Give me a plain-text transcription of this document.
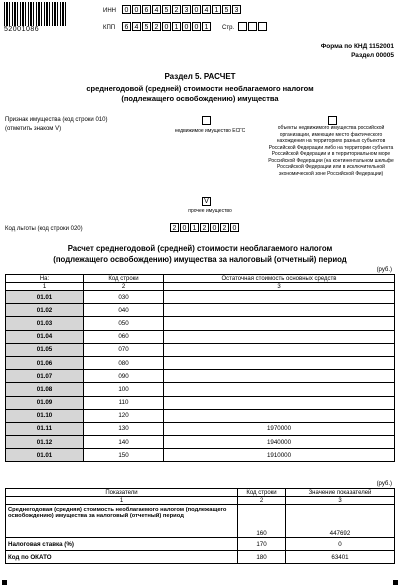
52001086
ИНН	0 0 6 4 5 2 3 0 4 1 5 3
КПП	6 4 5 2 0 1 0 0 1	Стр.
Форма по КНД 1152001
Раздел 00005
Раздел 5. РАСЧЕТ
среднегодовой (средней) стоимости необлагаемого налогом
(подлежащего освобождению) имущества
Признак имущества (код строки 010)
(отметить знаком V)	недвижимое имущество ЕСГС	объекты недвижимого имущества российской организации, имеющие место фактического нахождения на территориях разных субъектов Российской Федерации либо на территории субъекта Российской Федерации и в территориальном море Российской Федерации (на континентальном шельфе Российской Федерации или в исключительной экономической зоне Российской Федерации)
V
прочее имущество
Код льготы (код строки 020)	2 0 1 2 0 2 0
Расчет среднегодовой (средней) стоимости необлагаемого налогом
(подлежащего освобождению) имущества за налоговый (отчетный) период
(руб.)
На:	Код строки	Остаточная стоимость основных средств
1	2	3
01.01	030	
01.02	040	
01.03	050	
01.04	060	
01.05	070	
01.06	080	
01.07	090	
01.08	100	
01.09	110	
01.10	120	
01.11	130	1970000
01.12	140	1940000
01.01	150	1910000
(руб.)
Показатели	Код строки	Значение показателей
1	2	3
Среднегодовая (средняя) стоимость необлагаемого налогом (подлежащего освобождению) имущества за налоговый (отчетный) период	160	447692
Налоговая ставка (%)	170	0
Код по ОКАТО	180	63401
